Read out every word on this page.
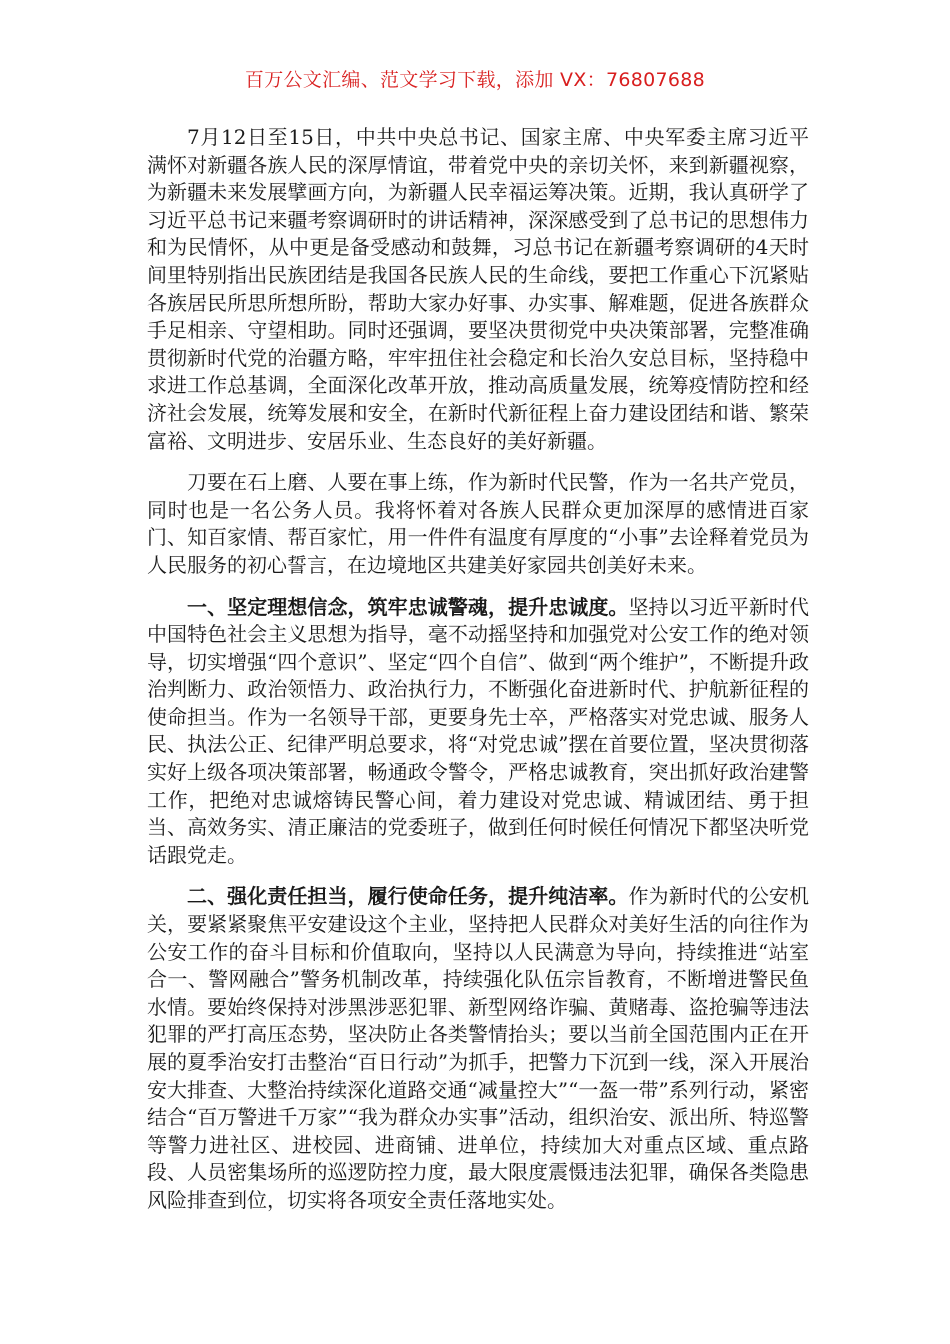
百万公文汇编、范文学习下载，添加 VX：76807688

7月12日至15日，中共中央总书记、国家主席、中央军委主席习近平满怀对新疆各族人民的深厚情谊，带着党中央的亲切关怀，来到新疆视察，为新疆未来发展擘画方向，为新疆人民幸福运筹决策。近期，我认真研学了习近平总书记来疆考察调研时的讲话精神，深深感受到了总书记的思想伟力和为民情怀，从中更是备受感动和鼓舞，习总书记在新疆考察调研的4天时间里特别指出民族团结是我国各民族人民的生命线，要把工作重心下沉紧贴各族居民所思所想所盼，帮助大家办好事、办实事、解难题，促进各族群众手足相亲、守望相助。同时还强调，要坚决贯彻党中央决策部署，完整准确贯彻新时代党的治疆方略，牢牢扭住社会稳定和长治久安总目标，坚持稳中求进工作总基调，全面深化改革开放，推动高质量发展，统筹疫情防控和经济社会发展，统筹发展和安全，在新时代新征程上奋力建设团结和谐、繁荣富裕、文明进步、安居乐业、生态良好的美好新疆。

刀要在石上磨、人要在事上练，作为新时代民警，作为一名共产党员，同时也是一名公务人员。我将怀着对各族人民群众更加深厚的感情进百家门、知百家情、帮百家忙，用一件件有温度有厚度的“小事”去诠释着党员为人民服务的初心誓言，在边境地区共建美好家园共创美好未来。

一、坚定理想信念，筑牢忠诚警魂，提升忠诚度。坚持以习近平新时代中国特色社会主义思想为指导，毫不动摇坚持和加强党对公安工作的绝对领导，切实增强“四个意识”、坚定“四个自信”、做到“两个维护”，不断提升政治判断力、政治领悟力、政治执行力，不断强化奋进新时代、护航新征程的使命担当。作为一名领导干部，更要身先士卒，严格落实对党忠诚、服务人民、执法公正、纪律严明总要求，将“对党忠诚”摆在首要位置，坚决贯彻落实好上级各项决策部署，畅通政令警令，严格忠诚教育，突出抓好政治建警工作，把绝对忠诚熔铸民警心间，着力建设对党忠诚、精诚团结、勇于担当、高效务实、清正廉洁的党委班子，做到任何时候任何情况下都坚决听党话跟党走。

二、强化责任担当，履行使命任务，提升纯洁率。作为新时代的公安机关，要紧紧聚焦平安建设这个主业，坚持把人民群众对美好生活的向往作为公安工作的奋斗目标和价值取向，坚持以人民满意为导向，持续推进“站室合一、警网融合”警务机制改革，持续强化队伍宗旨教育，不断增进警民鱼水情。要始终保持对涉黑涉恶犯罪、新型网络诈骗、黄赌毒、盗抢骗等违法犯罪的严打高压态势，坚决防止各类警情抬头；要以当前全国范围内正在开展的夏季治安打击整治“百日行动”为抓手，把警力下沉到一线，深入开展治安大排查、大整治持续深化道路交通“减量控大”“一盔一带”系列行动，紧密结合“百万警进千万家”“我为群众办实事”活动，组织治安、派出所、特巡警等警力进社区、进校园、进商铺、进单位，持续加大对重点区域、重点路段、人员密集场所的巡逻防控力度，最大限度震慑违法犯罪，确保各类隐患风险排查到位，切实将各项安全责任落地实处。
